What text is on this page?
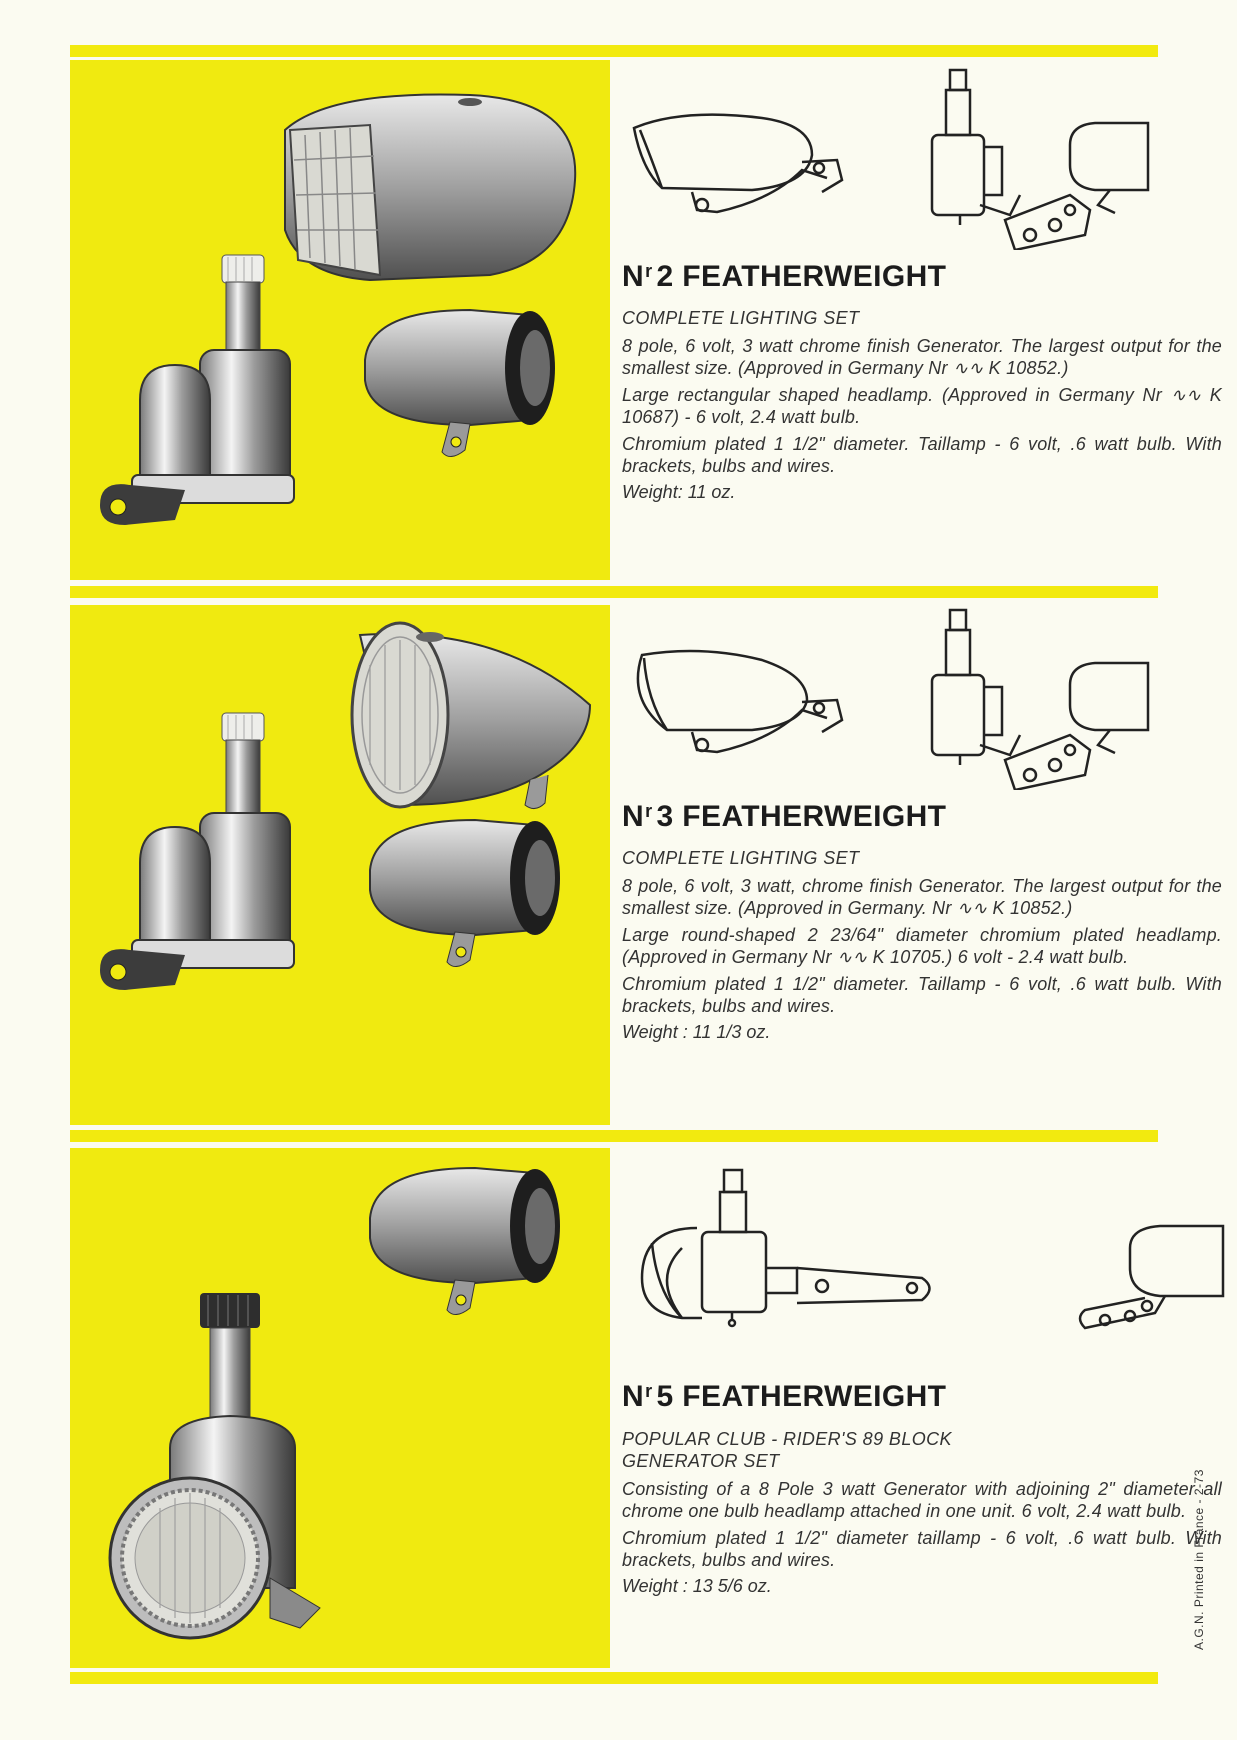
$N^r$ 2 FEATHERWEIGHT

COMPLETE LIGHTING SET

8 pole, 6 volt, 3 watt chrome finish Generator. The largest output for the smallest size. (Approved in Germany Nr ∿∿ K 10852.)

Large rectangular shaped headlamp. (Approved in Germany Nr ∿∿ K 10687) - 6 volt, 2.4 watt bulb.

Chromium plated 1 1/2" diameter. Taillamp - 6 volt, .6 watt bulb. With brackets, bulbs and wires.

Weight: 11 oz.

$N^r$ 3 FEATHERWEIGHT

COMPLETE LIGHTING SET

8 pole, 6 volt, 3 watt, chrome finish Generator. The largest output for the smallest size. (Approved in Germany. Nr ∿∿ K 10852.)

Large round-shaped 2 23/64" diameter chromium plated headlamp. (Approved in Germany Nr ∿∿ K 10705.) 6 volt - 2.4 watt bulb.

Chromium plated 1 1/2" diameter. Taillamp - 6 volt, .6 watt bulb. With brackets, bulbs and wires.

Weight : 11 1/3 oz.

$N^r$ 5 FEATHERWEIGHT

POPULAR CLUB - RIDER'S 89 BLOCK GENERATOR SET

Consisting of a 8 Pole 3 watt Generator with adjoining 2" diameter all chrome one bulb headlamp attached in one unit. 6 volt, 2.4 watt bulb.

Chromium plated 1 1/2" diameter taillamp - 6 volt, .6 watt bulb. With brackets, bulbs and wires.

Weight : 13 5/6 oz.	A.G.N. Printed in France - 2-73
